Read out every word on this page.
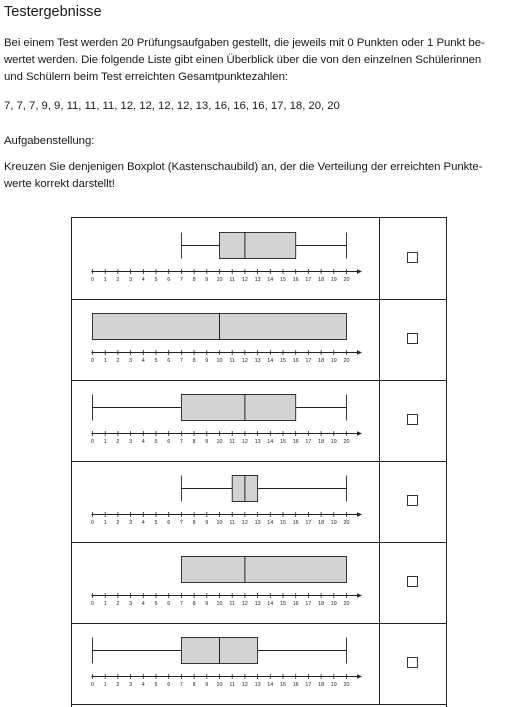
Testergebnisse
Bei einem Test werden 20 Prüfungsaufgaben gestellt, die jeweils mit 0 Punkten oder 1 Punkt be-
wertet werden. Die folgende Liste gibt einen Überblick über die von den einzelnen Schülerinnen
und Schülern beim Test erreichten Gesamtpunktezahlen:
7, 7, 7, 9, 9, 11, 11, 11, 12, 12, 12, 12, 13, 16, 16, 16, 17, 18, 20, 20
Aufgabenstellung:
Kreuzen Sie denjenigen Boxplot (Kastenschaubild) an, der die Verteilung der erreichten Punkte-
werte korrekt darstellt!
0 1 2 3 4 5 6 7 8 9 10 11 12 13 14 15 16 17 18 19 20
0 1 2 3 4 5 6 7 8 9 10 11 12 13 14 15 16 17 18 19 20
0 1 2 3 4 5 6 7 8 9 10 11 12 13 14 15 16 17 18 19 20
0 1 2 3 4 5 6 7 8 9 10 11 12 13 14 15 16 17 18 19 20
0 1 2 3 4 5 6 7 8 9 10 11 12 13 14 15 16 17 18 19 20
0 1 2 3 4 5 6 7 8 9 10 11 12 13 14 15 16 17 18 19 20
